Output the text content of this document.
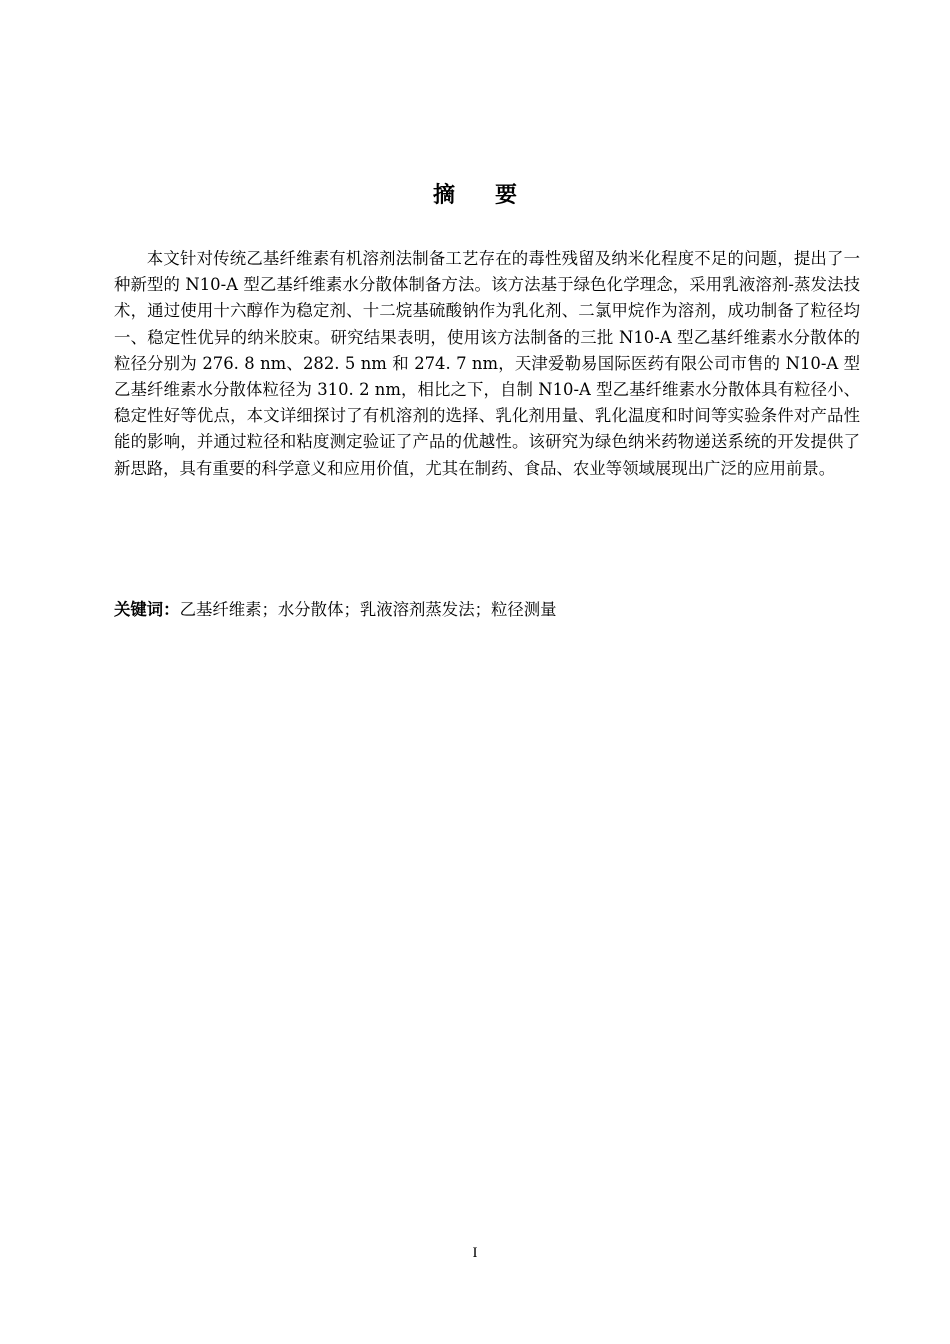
摘 要

本文针对传统乙基纤维素有机溶剂法制备工艺存在的毒性残留及纳米化程度不足的问题，提出了一种新型的 N10-A 型乙基纤维素水分散体制备方法。该方法基于绿色化学理念，采用乳液溶剂-蒸发法技术，通过使用十六醇作为稳定剂、十二烷基硫酸钠作为乳化剂、二氯甲烷作为溶剂，成功制备了粒径均一、稳定性优异的纳米胶束。研究结果表明，使用该方法制备的三批 N10-A 型乙基纤维素水分散体的粒径分别为 276. 8 nm、282. 5 nm 和 274. 7 nm，天津爱勒易国际医药有限公司市售的 N10-A 型乙基纤维素水分散体粒径为 310. 2 nm，相比之下，自制 N10-A 型乙基纤维素水分散体具有粒径小、稳定性好等优点，本文详细探讨了有机溶剂的选择、乳化剂用量、乳化温度和时间等实验条件对产品性能的影响，并通过粒径和粘度测定验证了产品的优越性。该研究为绿色纳米药物递送系统的开发提供了新思路，具有重要的科学意义和应用价值，尤其在制药、食品、农业等领域展现出广泛的应用前景。

关键词：乙基纤维素；水分散体；乳液溶剂蒸发法；粒径测量

I
